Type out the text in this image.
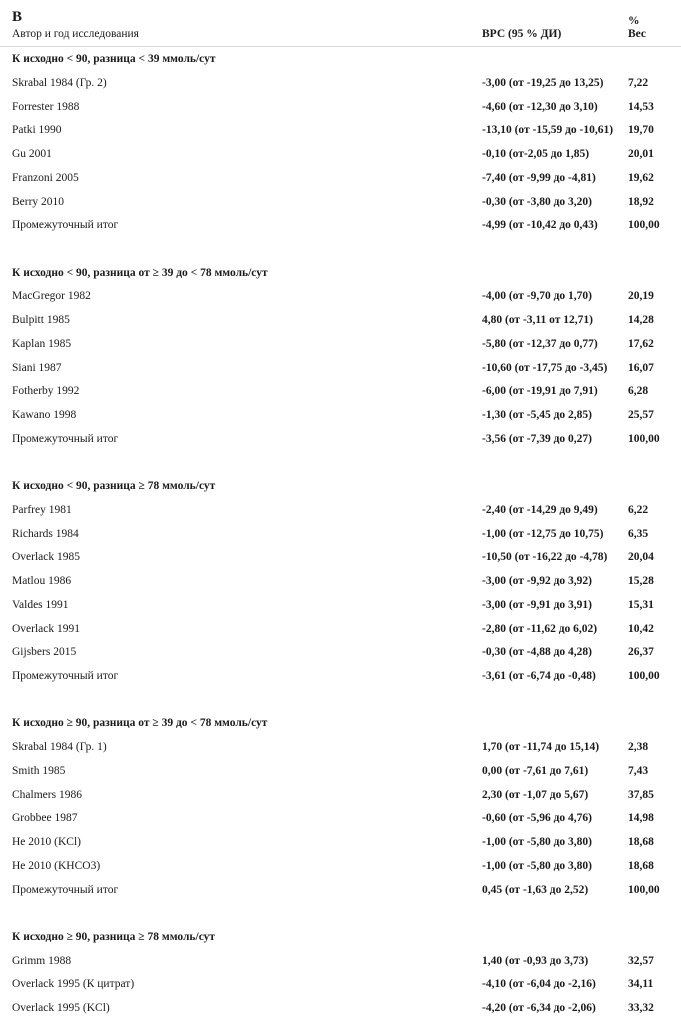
B
Автор и год исследования	ВРС (95 % ДИ)
%
Вес
К исходно < 90, разница < 39 ммоль/сут
Skrabal 1984 (Гр. 2)	-3,00 (от -19,25 до 13,25) 7,22
Forrester 1988	-4,60 (от -12,30 до 3,10)	14,53
Patki 1990	-13,10 (от -15,59 до -10,61) 19,70
Gu 2001	-0,10 (от-2,05 до 1,85)	20,01
Franzoni 2005	-7,40 (от -9,99 до -4,81)	19,62
Berry 2010	-0,30 (от -3,80 до 3,20)	18,92
Промежуточный итог	-4,99 (от -10,42 до 0,43)	100,00
К исходно < 90, разница от ≥ 39 до < 78 ммоль/сут
MacGregor 1982	-4,00 (от -9,70 до 1,70)	20,19
Bulpitt 1985	4,80 (от -3,11 от 12,71)	14,28
Kaplan 1985	-5,80 (от -12,37 до 0,77)	17,62
Siani 1987	-10,60 (от -17,75 до -3,45) 16,07
Fotherby 1992	-6,00 (от -19,91 до 7,91)	6,28
Kawano 1998	-1,30 (от -5,45 до 2,85)	25,57
Промежуточный итог	-3,56 (от -7,39 до 0,27)	100,00
К исходно < 90, разница ≥ 78 ммоль/сут
Parfrey 1981	-2,40 (от -14,29 до 9,49)	6,22
Richards 1984	-1,00 (от -12,75 до 10,75) 6,35
Overlack 1985	-10,50 (от -16,22 до -4,78) 20,04
Matlou 1986	-3,00 (от -9,92 до 3,92)	15,28
Valdes 1991	-3,00 (от -9,91 до 3,91)	15,31
Overlack 1991	-2,80 (от -11,62 до 6,02)	10,42
Gijsbers 2015	-0,30 (от -4,88 до 4,28)	26,37
Промежуточный итог	-3,61 (от -6,74 до -0,48)	100,00
К исходно ≥ 90, разница от ≥ 39 до < 78 ммоль/сут
Skrabal 1984 (Гр. 1)	1,70 (от -11,74 до 15,14)	2,38
Smith 1985	0,00 (от -7,61 до 7,61)	7,43
Chalmers 1986	2,30 (от -1,07 до 5,67)	37,85
Grobbee 1987	-0,60 (от -5,96 до 4,76)	14,98
He 2010 (KCl)	-1,00 (от -5,80 до 3,80)	18,68
He 2010 (KHCO3)	-1,00 (от -5,80 до 3,80)	18,68
Промежуточный итог	0,45 (от -1,63 до 2,52)	100,00
К исходно ≥ 90, разница ≥ 78 ммоль/сут
Grimm 1988	1,40 (от -0,93 до 3,73)	32,57
Overlack 1995 (К цитрат)	-4,10 (от -6,04 до -2,16)	34,11
Overlack 1995 (KCl)	-4,20 (от -6,34 до -2,06)	33,32
